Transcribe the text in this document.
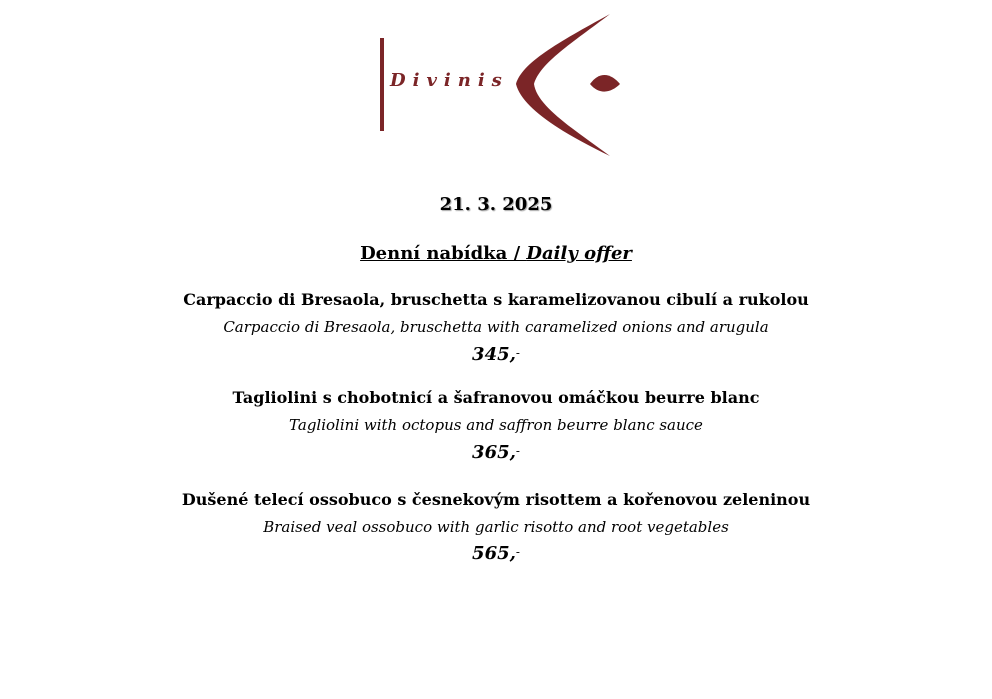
Divinis
21. 3. 2025
Denní nabídka / Daily offer
Carpaccio di Bresaola, bruschetta s karamelizovanou cibulí a rukolou
Carpaccio di Bresaola, bruschetta with caramelized onions and arugula
345,-
Tagliolini s chobotnicí a šafranovou omáčkou beurre blanc
Tagliolini with octopus and saffron beurre blanc sauce
365,-
Dušené telecí ossobuco s česnekovým risottem a kořenovou zeleninou
Braised veal ossobuco with garlic risotto and root vegetables
565,-
